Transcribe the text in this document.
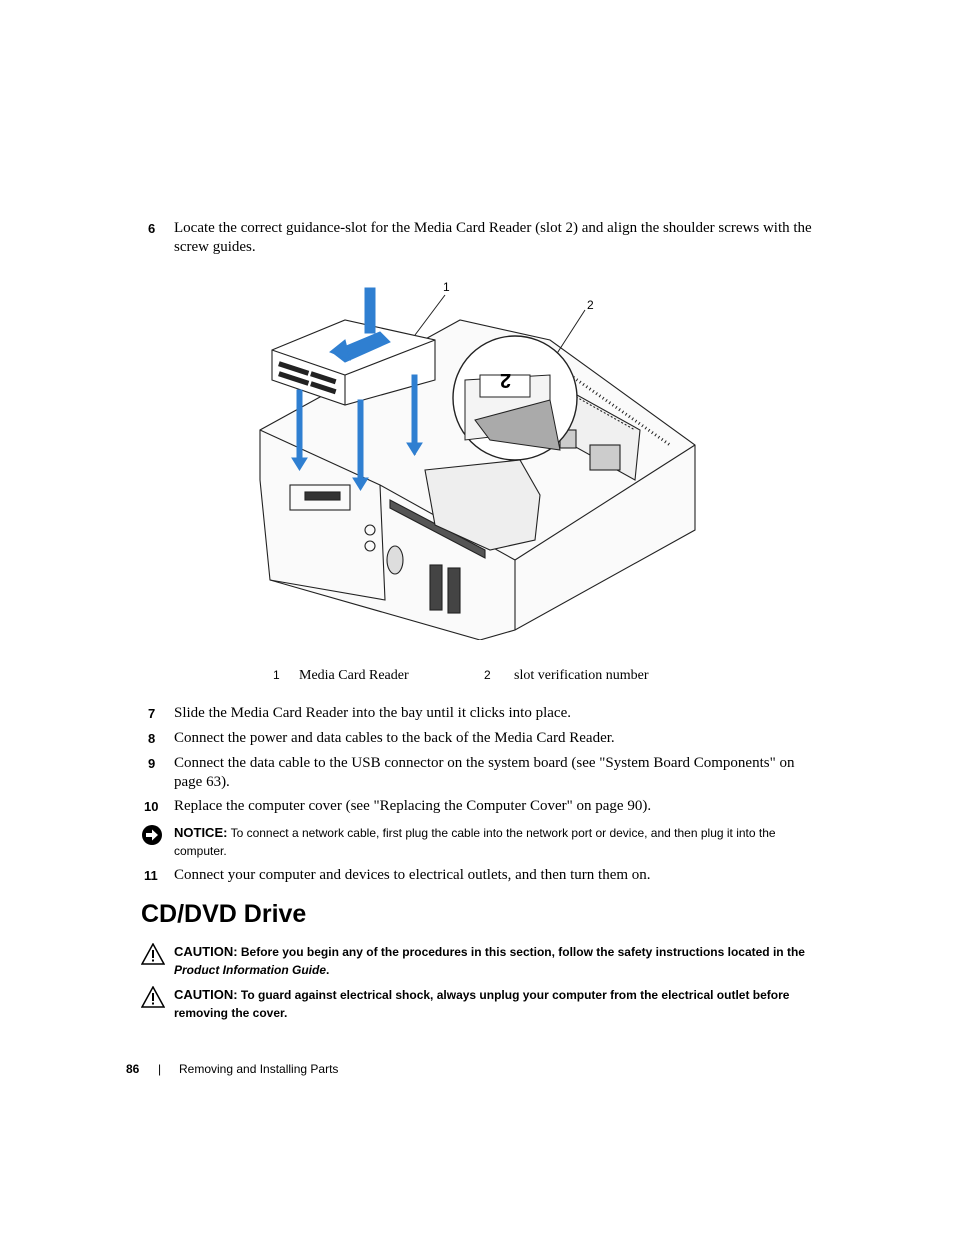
6 Locate the correct guidance-slot for the Media Card Reader (slot 2) and align the shoulder screws with the screw guides.
1
2
2
1 Media Card Reader	2 slot verification number
7 Slide the Media Card Reader into the bay until it clicks into place.
8 Connect the power and data cables to the back of the Media Card Reader.
9 Connect the data cable to the USB connector on the system board (see "System Board Components" on page 63).
10 Replace the computer cover (see "Replacing the Computer Cover" on page 90).
NOTICE: To connect a network cable, first plug the cable into the network port or device, and then plug it into the computer.
11 Connect your computer and devices to electrical outlets, and then turn them on.
CD/DVD Drive
CAUTION: Before you begin any of the procedures in this section, follow the safety instructions located in the Product Information Guide.
CAUTION: To guard against electrical shock, always unplug your computer from the electrical outlet before removing the cover.
86 | Removing and Installing Parts
